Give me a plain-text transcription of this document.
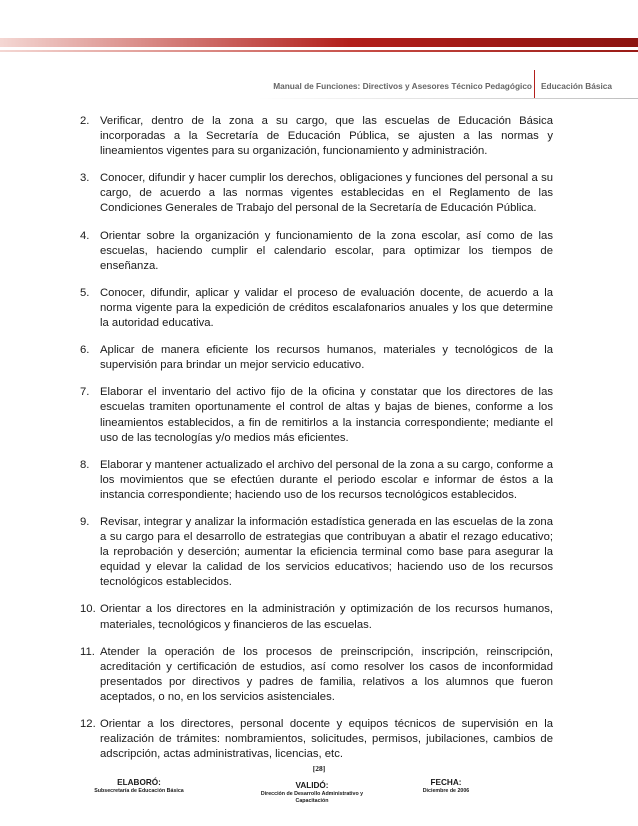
Manual de Funciones: Directivos y Asesores Técnico Pedagógico Educación Básica
2. Verificar, dentro de la zona a su cargo, que las escuelas de Educación Básica incorporadas a la Secretaría de Educación Pública, se ajusten a las normas y lineamientos vigentes para su organización, funcionamiento y administración.
3. Conocer, difundir y hacer cumplir los derechos, obligaciones y funciones del personal a su cargo, de acuerdo a las normas vigentes establecidas en el Reglamento de las Condiciones Generales de Trabajo del personal de la Secretaría de Educación Pública.
4. Orientar sobre la organización y funcionamiento de la zona escolar, así como de las escuelas, haciendo cumplir el calendario escolar, para optimizar los tiempos de enseñanza.
5. Conocer, difundir, aplicar y validar el proceso de evaluación docente, de acuerdo a la norma vigente para la expedición de créditos escalafonarios anuales y los que determine la autoridad educativa.
6. Aplicar de manera eficiente los recursos humanos, materiales y tecnológicos de la supervisión para brindar un mejor servicio educativo.
7. Elaborar el inventario del activo fijo de la oficina y constatar que los directores de las escuelas tramiten oportunamente el control de altas y bajas de bienes, conforme a los lineamientos establecidos, a fin de remitirlos a la instancia correspondiente; mediante el uso de las tecnologías y/o medios más eficientes.
8. Elaborar y mantener actualizado el archivo del personal de la zona a su cargo, conforme a los movimientos que se efectúen durante el periodo escolar e informar de éstos a la instancia correspondiente; haciendo uso de los recursos tecnológicos establecidos.
9. Revisar, integrar y analizar la información estadística generada en las escuelas de la zona a su cargo para el desarrollo de estrategias que contribuyan a abatir el rezago educativo; la reprobación y deserción; aumentar la eficiencia terminal como base para asegurar la equidad y elevar la calidad de los servicios educativos; haciendo uso de los recursos tecnológicos establecidos.
10. Orientar a los directores en la administración y optimización de los recursos humanos, materiales, tecnológicos y financieros de las escuelas.
11. Atender la operación de los procesos de preinscripción, inscripción, reinscripción, acreditación y certificación de estudios, así como resolver los casos de inconformidad presentados por directivos y padres de familia, relativos a los alumnos que fueron aceptados, o no, en los servicios asistenciales.
12. Orientar a los directores, personal docente y equipos técnicos de supervisión en la realización de trámites: nombramientos, solicitudes, permisos, jubilaciones, cambios de adscripción, actas administrativas, licencias, etc.
[28]
ELABORÓ:
Subsecretaría de Educación Básica
VALIDÓ:
Dirección de Desarrollo Administrativo y Capacitación
FECHA:
Diciembre de 2006
